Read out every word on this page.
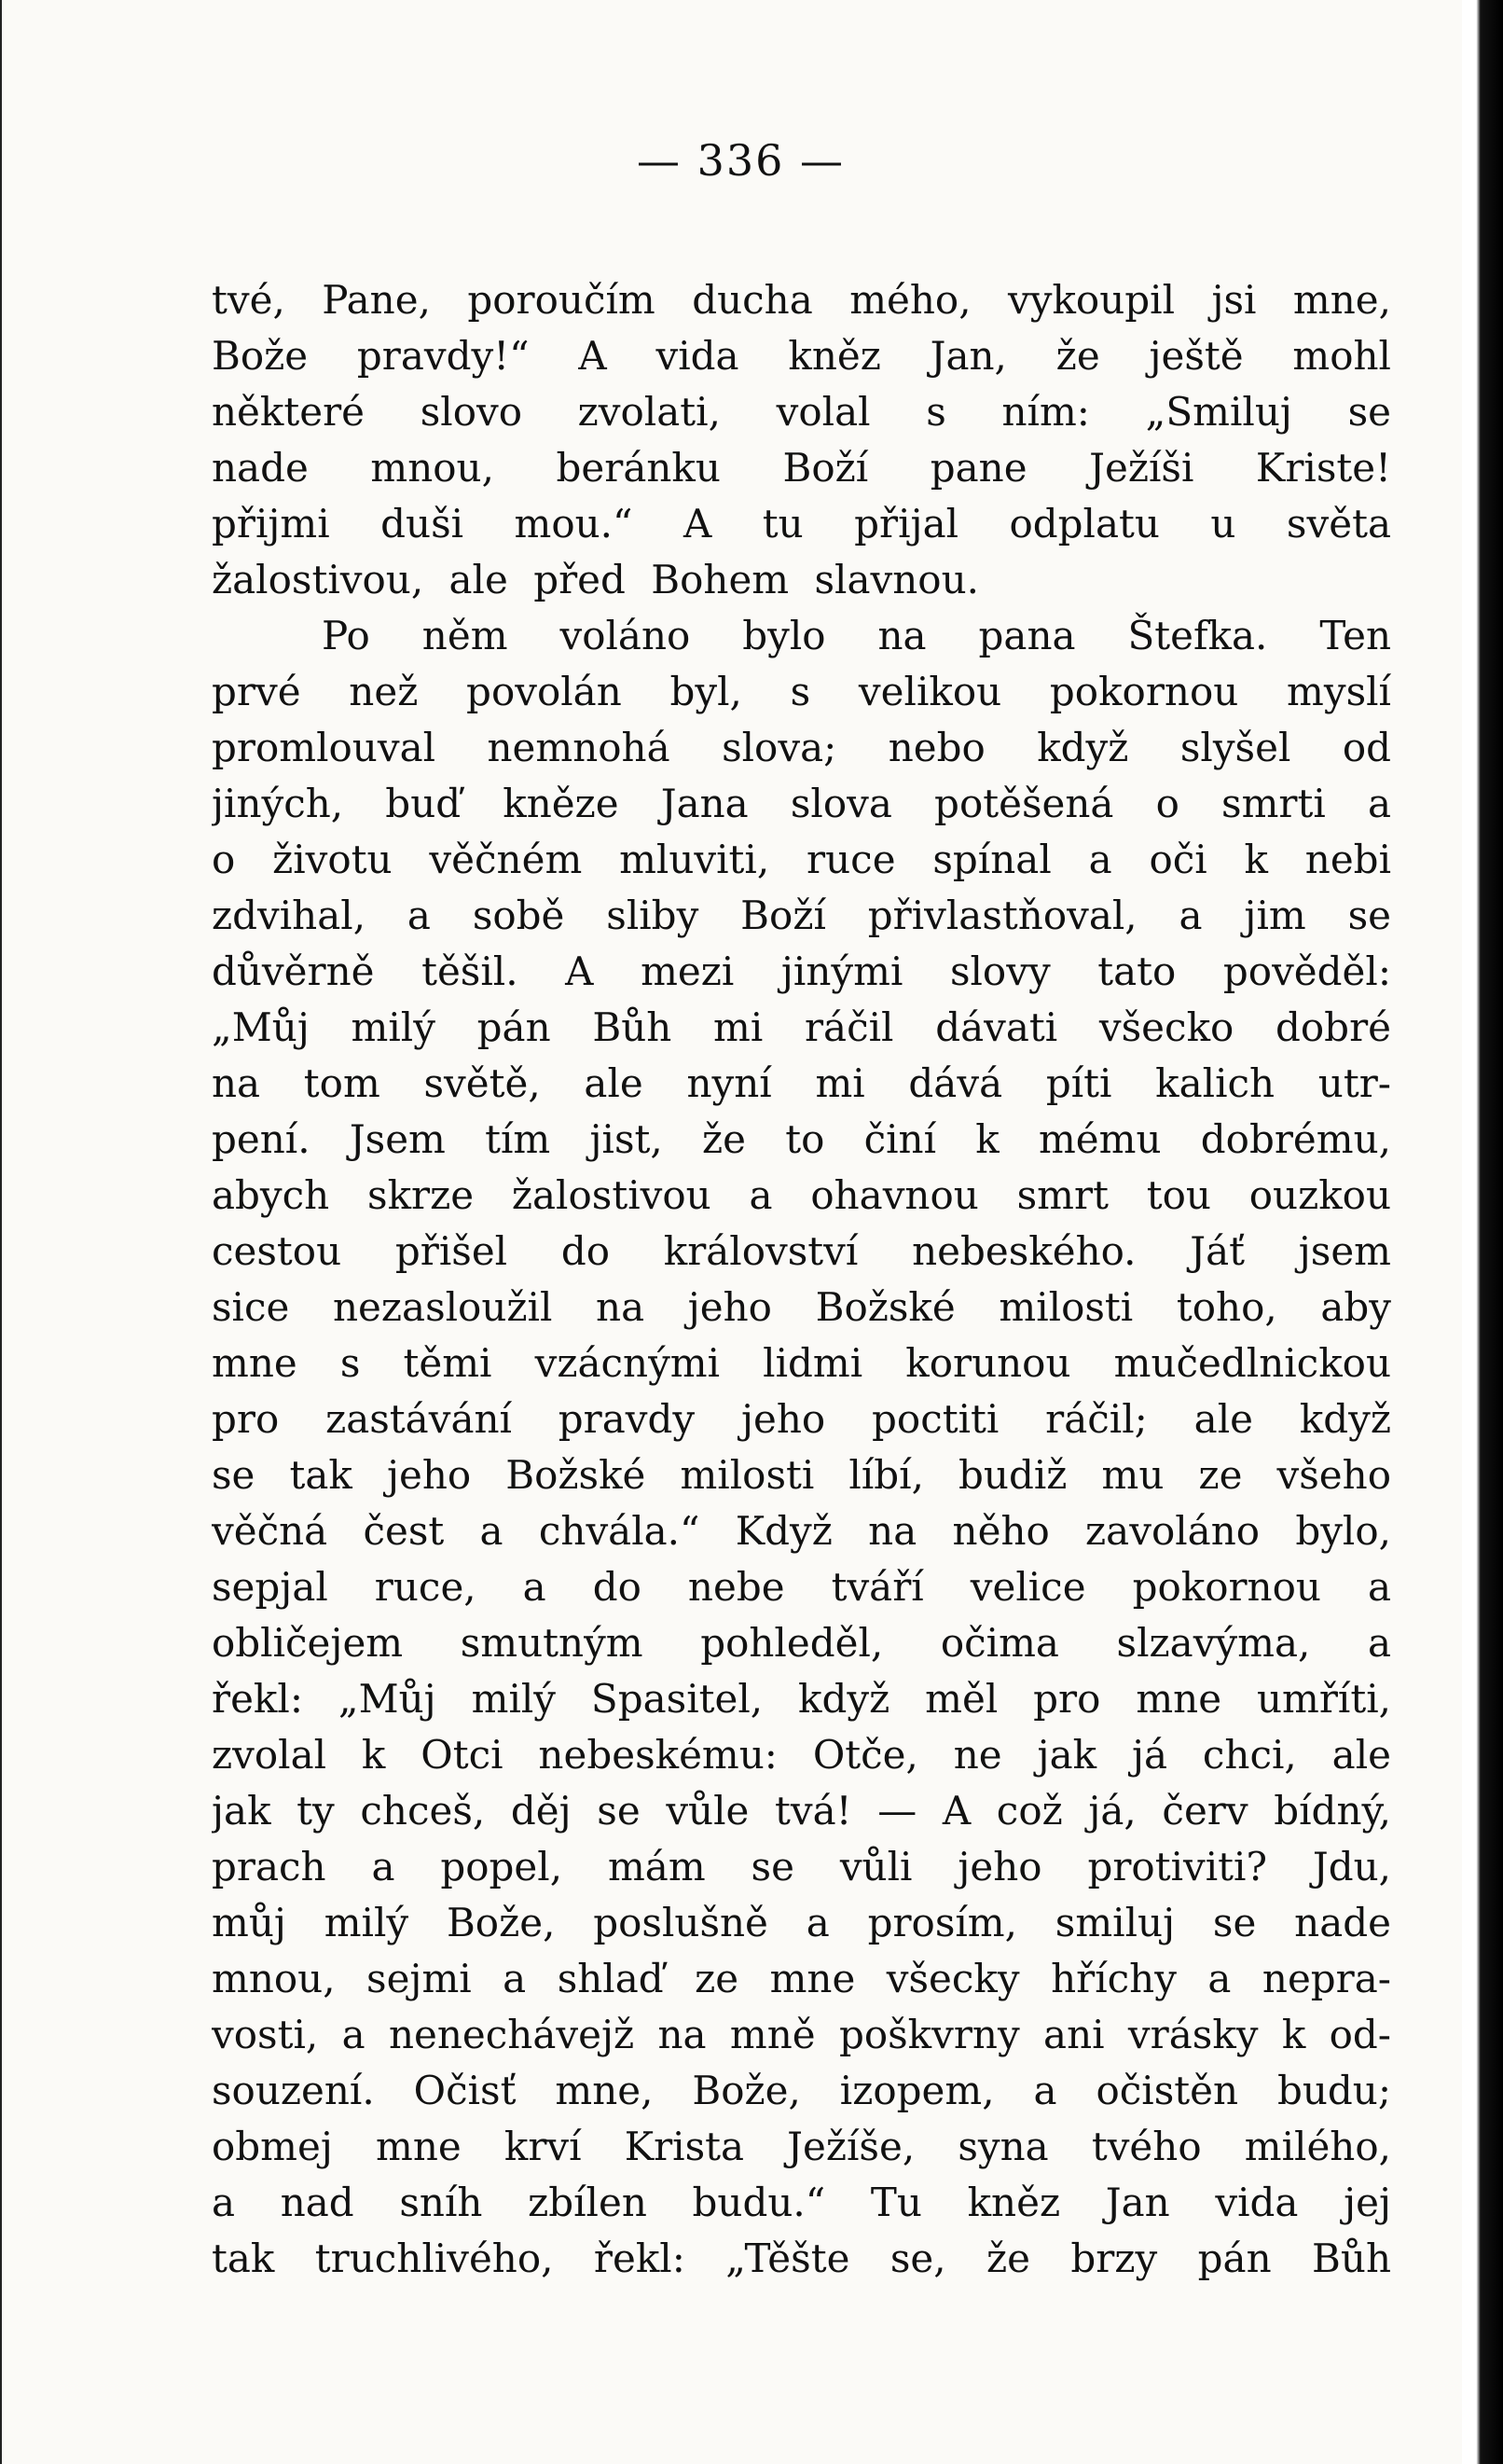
— 336 —
tvé, Pane, poroučím ducha mého, vykoupil jsi mne,
Bože pravdy!“ A vida kněz Jan, že ještě mohl
některé slovo zvolati, volal s ním: „Smiluj se
nade mnou, beránku Boží pane Ježíši Kriste!
přijmi duši mou.“ A tu přijal odplatu u světa
žalostivou, ale před Bohem slavnou.
Po něm voláno bylo na pana Štefka. Ten
prvé než povolán byl, s velikou pokornou myslí
promlouval nemnohá slova; nebo když slyšel od
jiných, buď kněze Jana slova potěšená o smrti a
o životu věčném mluviti, ruce spínal a oči k nebi
zdvihal, a sobě sliby Boží přivlastňoval, a jim se
důvěrně těšil. A mezi jinými slovy tato pověděl:
„Můj milý pán Bůh mi ráčil dávati všecko dobré
na tom světě, ale nyní mi dává píti kalich utr-
pení. Jsem tím jist, že to činí k mému dobrému,
abych skrze žalostivou a ohavnou smrt tou ouzkou
cestou přišel do království nebeského. Jáť jsem
sice nezasloužil na jeho Božské milosti toho, aby
mne s těmi vzácnými lidmi korunou mučedlnickou
pro zastávání pravdy jeho poctiti ráčil; ale když
se tak jeho Božské milosti líbí, budiž mu ze všeho
věčná čest a chvála.“ Když na něho zavoláno bylo,
sepjal ruce, a do nebe tváří velice pokornou a
obličejem smutným pohleděl, očima slzavýma, a
řekl: „Můj milý Spasitel, když měl pro mne umříti,
zvolal k Otci nebeskému: Otče, ne jak já chci, ale
jak ty chceš, děj se vůle tvá! — A což já, červ bídný,
prach a popel, mám se vůli jeho protiviti? Jdu,
můj milý Bože, poslušně a prosím, smiluj se nade
mnou, sejmi a shlaď ze mne všecky hříchy a nepra-
vosti, a nenechávejž na mně poškvrny ani vrásky k od-
souzení. Očisť mne, Bože, izopem, a očistěn budu;
obmej mne krví Krista Ježíše, syna tvého milého,
a nad sníh zbílen budu.“ Tu kněz Jan vida jej
tak truchlivého, řekl: „Těšte se, že brzy pán Bůh
